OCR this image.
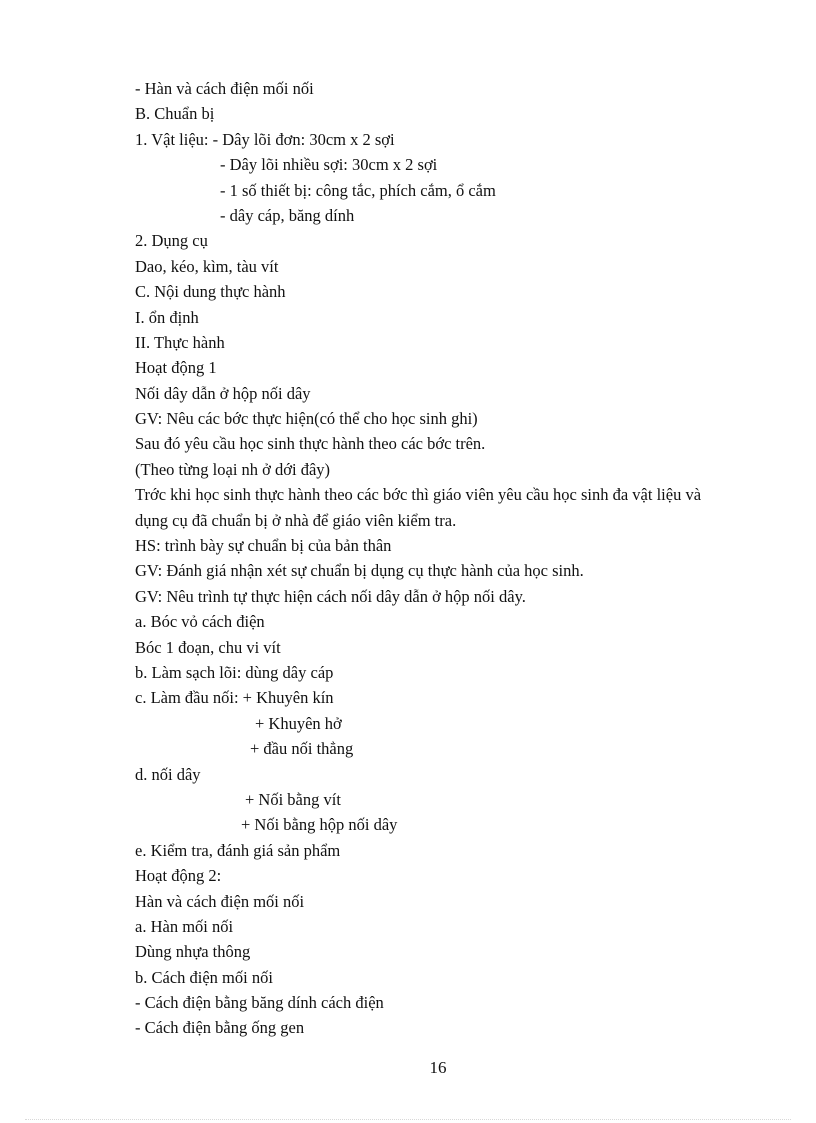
- Hàn và cách điện mối nối
B. Chuẩn bị
1. Vật liệu: - Dây lõi đơn: 30cm x 2 sợi
- Dây lõi nhiều sợi: 30cm x 2 sợi
- 1 số thiết bị: công tắc, phích cắm, ổ cắm
- dây cáp, băng dính
2. Dụng cụ
Dao, kéo, kìm, tàu vít
C. Nội dung thực hành
I. ổn định
II. Thực hành
Hoạt động 1
Nối dây dẫn ở hộp nối dây
GV: Nêu các bớc thực hiện(có thể cho học sinh ghi)
Sau đó yêu cầu học sinh thực hành theo các bớc trên.
(Theo từng loại nh ở dới đây)
Trớc khi học sinh thực hành theo các bớc thì giáo viên yêu cầu học sinh đa vật liệu và dụng cụ đã chuẩn bị ở nhà để giáo viên kiểm tra.
HS: trình bày sự chuẩn bị của bản thân
GV: Đánh giá nhận xét sự chuẩn bị dụng cụ thực hành của học sinh.
GV: Nêu trình tự thực hiện cách nối dây dẫn ở hộp nối dây.
a. Bóc vỏ cách điện
Bóc 1 đoạn, chu vi vít
b. Làm sạch lõi: dùng dây cáp
c. Làm đầu nối: + Khuyên kín
+ Khuyên hở
+ đầu nối thẳng
d. nối dây
+ Nối bằng vít
+ Nối bằng hộp nối dây
e. Kiểm tra, đánh giá sản phẩm
Hoạt động 2:
Hàn và cách điện mối nối
a. Hàn mối nối
Dùng nhựa thông
b. Cách điện mối nối
- Cách điện bằng băng dính cách điện
- Cách điện bằng ống gen
16
